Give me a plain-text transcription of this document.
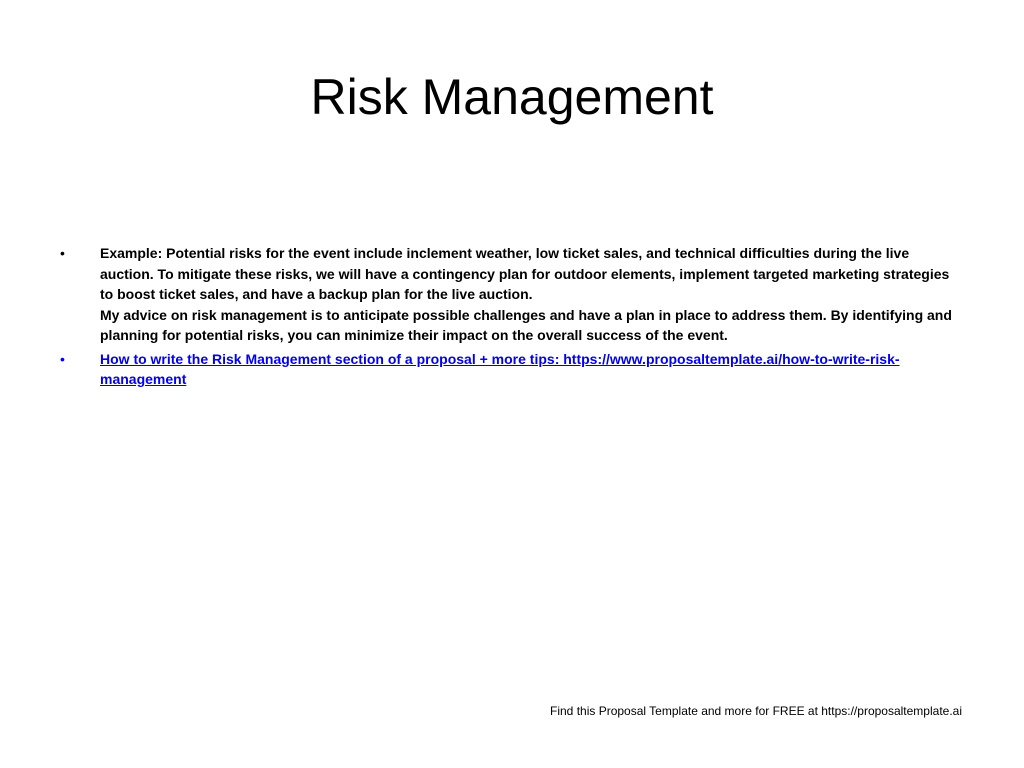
Risk Management
•	Example: Potential risks for the event include inclement weather, low ticket sales, and technical difficulties during the live auction. To mitigate these risks, we will have a contingency plan for outdoor elements, implement targeted marketing strategies to boost ticket sales, and have a backup plan for the live auction.
My advice on risk management is to anticipate possible challenges and have a plan in place to address them. By identifying and planning for potential risks, you can minimize their impact on the overall success of the event.
•	How to write the Risk Management section of a proposal + more tips: https://www.proposaltemplate.ai/how-to-write-risk-management
Find this Proposal Template and more for FREE at https://proposaltemplate.ai
